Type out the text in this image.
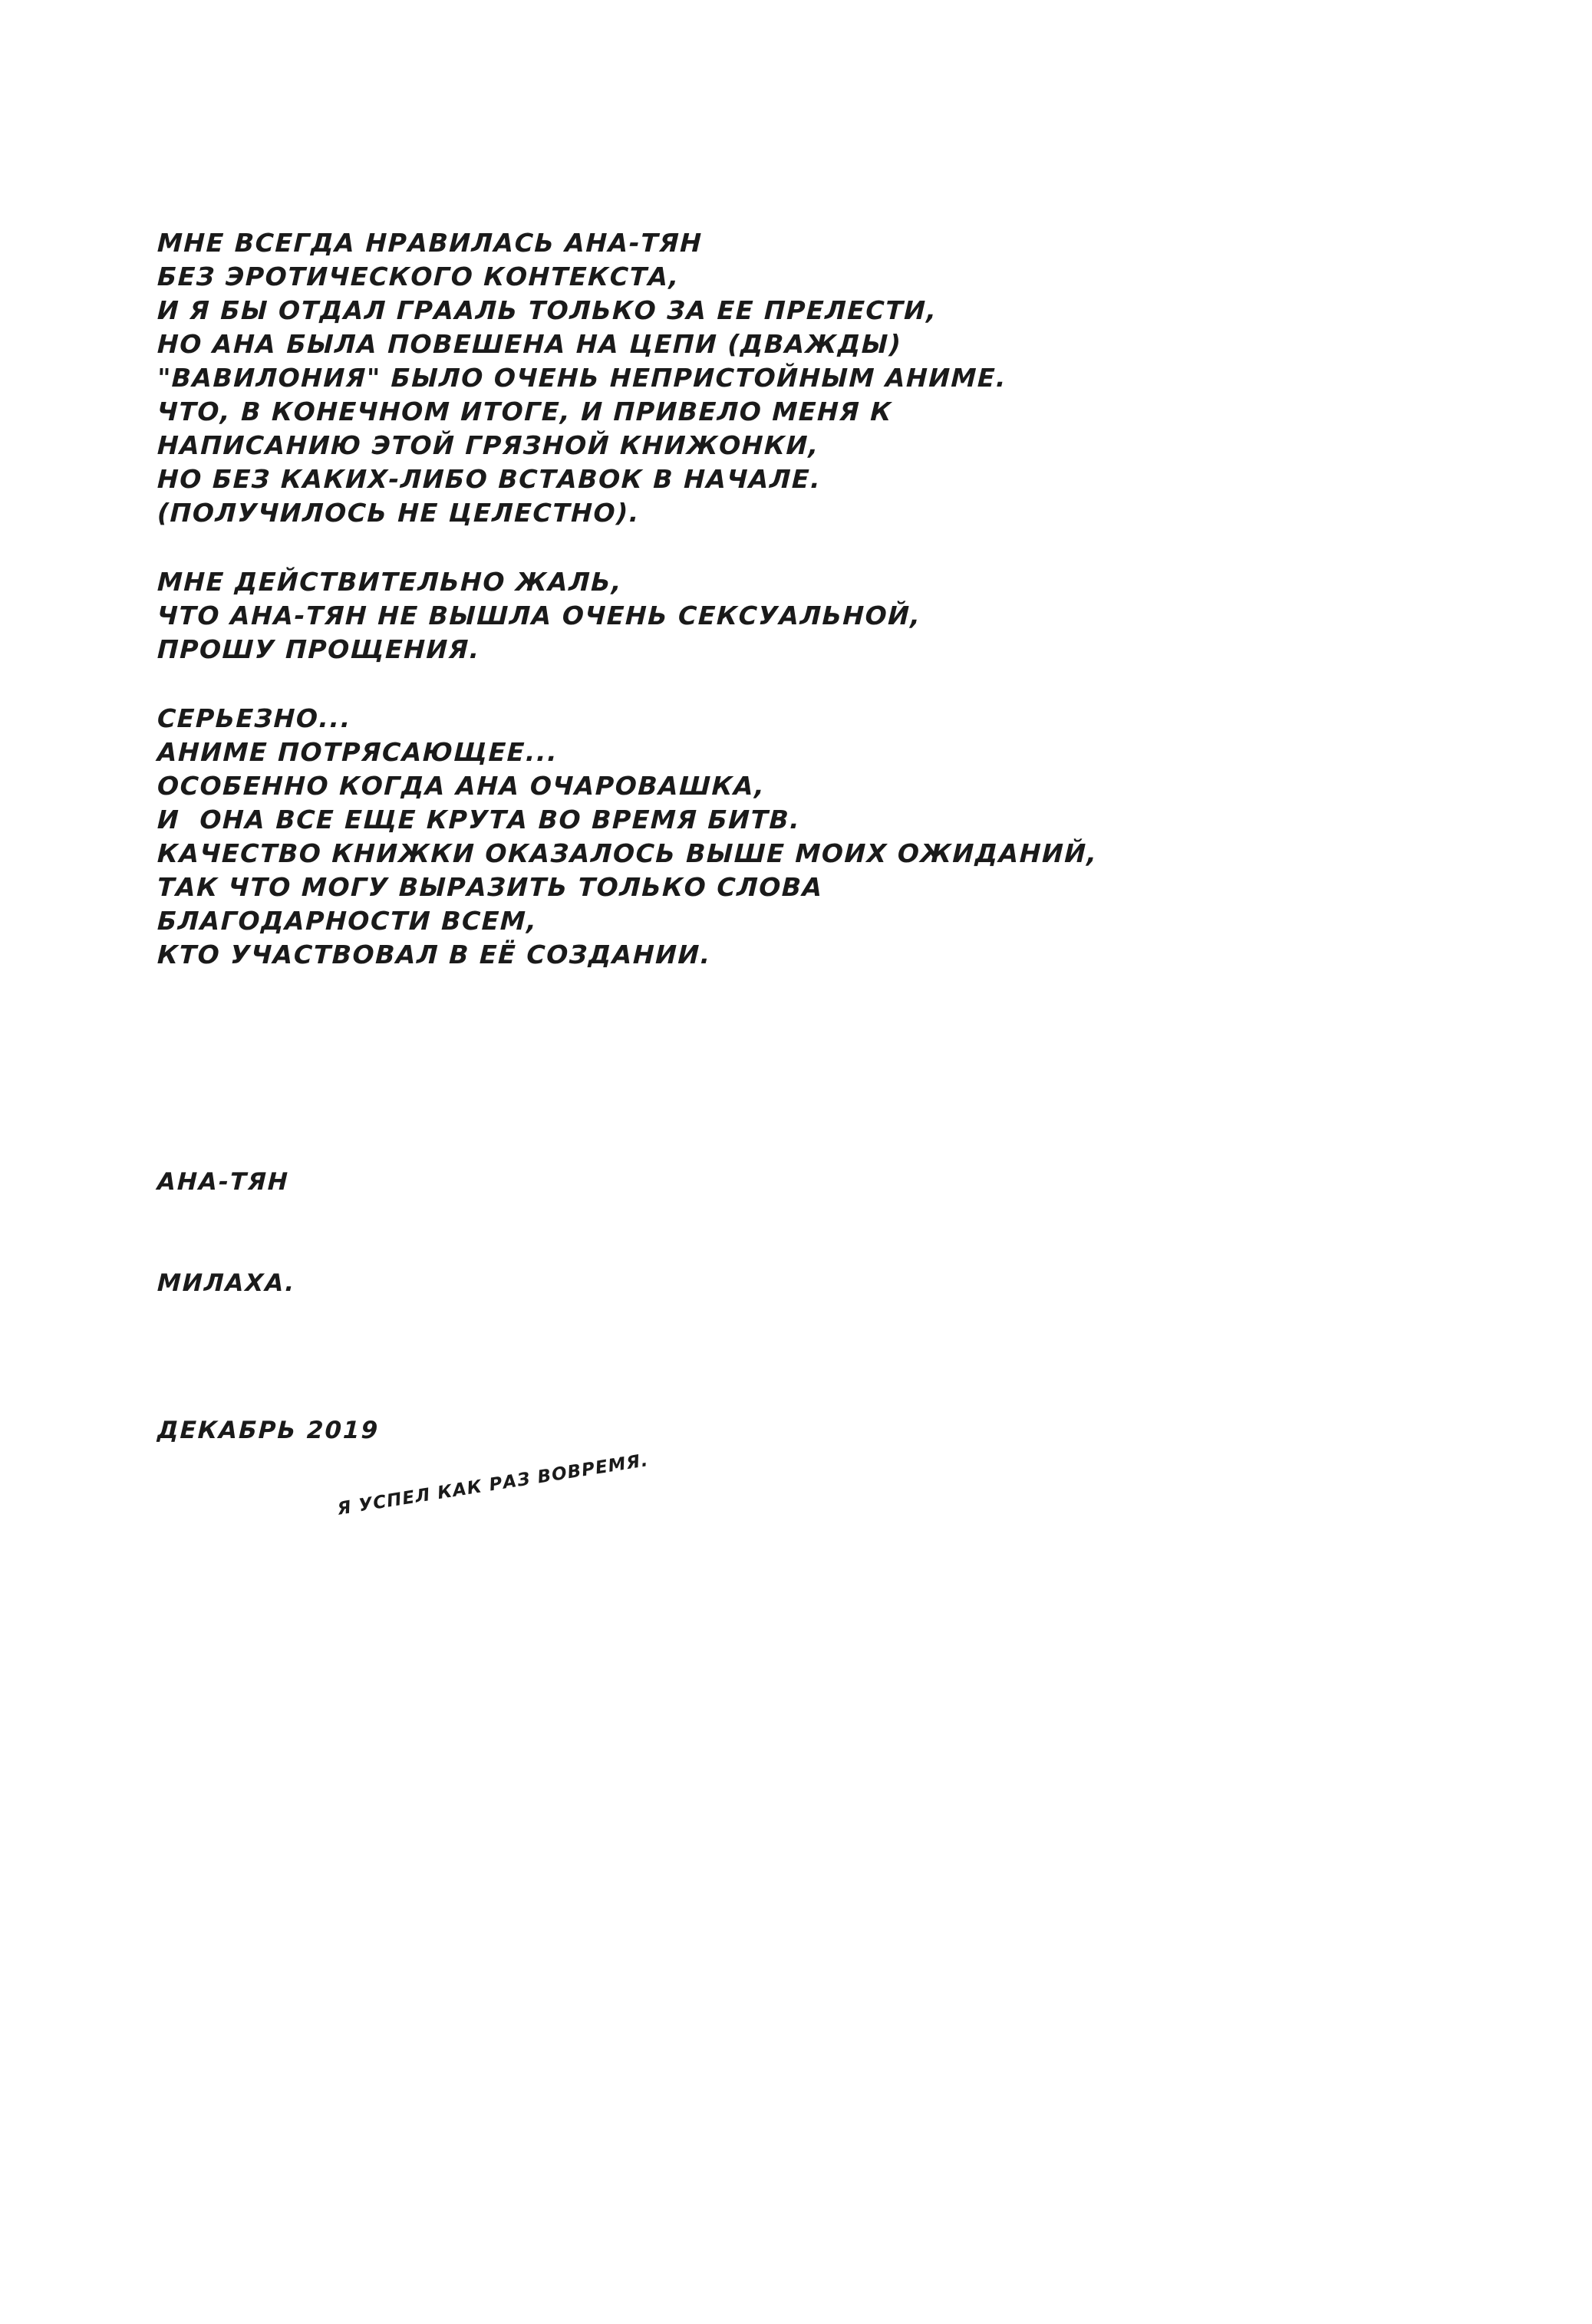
МНЕ ВСЕГДА НРАВИЛАСЬ АНА-ТЯН
БЕЗ ЭРОТИЧЕСКОГО КОНТЕКСТА,
И Я БЫ ОТДАЛ ГРААЛЬ ТОЛЬКО ЗА ЕЕ ПРЕЛЕСТИ,
НО АНА БЫЛА ПОВЕШЕНА НА ЦЕПИ (ДВАЖДЫ)
"ВАВИЛОНИЯ" БЫЛО ОЧЕНЬ НЕПРИСТОЙНЫМ АНИМЕ.
ЧТО, В КОНЕЧНОМ ИТОГЕ, И ПРИВЕЛО МЕНЯ К
НАПИСАНИЮ ЭТОЙ ГРЯЗНОЙ КНИЖОНКИ,
НО БЕЗ КАКИХ-ЛИБО ВСТАВОК В НАЧАЛЕ.
(ПОЛУЧИЛОСЬ НЕ ЦЕЛЕСТНО).
МНЕ ДЕЙСТВИТЕЛЬНО ЖАЛЬ,
ЧТО АНА-ТЯН НЕ ВЫШЛА ОЧЕНЬ СЕКСУАЛЬНОЙ,
ПРОШУ ПРОЩЕНИЯ.
СЕРЬЕЗНО...
АНИМЕ ПОТРЯСАЮЩЕЕ...
ОСОБЕННО КОГДА АНА ОЧАРОВАШКА,
И  ОНА ВСЕ ЕЩЕ КРУТА ВО ВРЕМЯ БИТВ.
КАЧЕСТВО КНИЖКИ ОКАЗАЛОСЬ ВЫШЕ МОИХ ОЖИДАНИЙ,
ТАК ЧТО МОГУ ВЫРАЗИТЬ ТОЛЬКО СЛОВА
БЛАГОДАРНОСТИ ВСЕМ,
КТО УЧАСТВОВАЛ В ЕЁ СОЗДАНИИ.
АНА-ТЯН
МИЛАХА.
ДЕКАБРЬ 2019
Я УСПЕЛ КАК РАЗ ВОВРЕМЯ.
